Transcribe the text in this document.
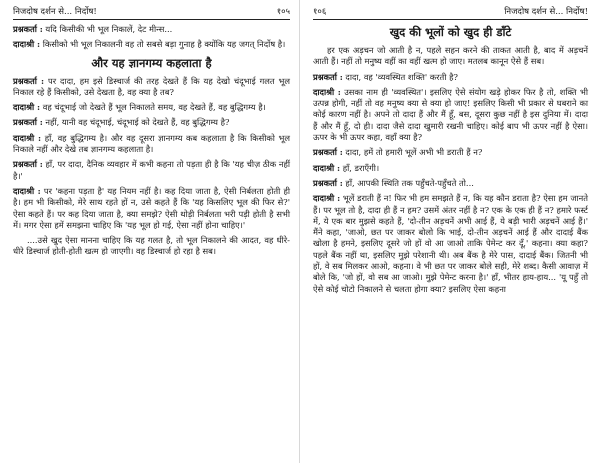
निजदोष दर्शन से... निर्दोष!	१०५

प्रश्नकर्ता : यदि किसीकी भी भूल निकालें, देट मीन्स...

दादाश्री : किसीको भी भूल निकालनी वह तो सबसे बड़ा गुनाह है क्योंकि यह जगत् निर्दोष है।

और यह ज्ञानगम्य कहलाता है

प्रश्नकर्ता : पर दादा, हम इसे डिस्चार्ज की तरह देखते हैं कि यह देखो चंदूभाई गलत भूल निकाल रहे हैं किसीको, उसे देखता है, वह क्या है तब?

दादाश्री : वह चंदूभाई जो देखते हैं भूल निकालते समय, वह देखते हैं, वह बुद्धिगम्य है।

प्रश्नकर्ता : नहीं, यानी वह चंदूभाई, चंदूभाई को देखते हैं, वह बुद्धिगम्य है?

दादाश्री : हाँ, वह बुद्धिगम्य है। और वह दूसरा ज्ञानगम्य कब कहलाता है कि किसीको भूल निकाले नहीं और देखे तब ज्ञानगम्य कहलाता है।

प्रश्नकर्ता : हाँ, पर दादा, दैनिक व्यवहार में कभी कहना तो पड़ता ही है कि 'यह चीज़ ठीक नहीं है।'

दादाश्री : पर 'कहना पड़ता है' यह नियम नहीं है। कह दिया जाता है, ऐसी निर्बलता होती ही है। हम भी किसीको, मेरे साथ रहते हों न, उसे कहते हैं कि 'यह किसलिए भूल की फिर से?' ऐसा कहते हैं। पर कह दिया जाता है, क्या समझे? ऐसी थोड़ी निर्बलता भरी पड़ी होती है सभी में। मगर ऐसा हमें समझना चाहिए कि 'यह भूल हो गई, ऐसा नहीं होना चाहिए।'

....उसे खुद ऐसा मानना चाहिए कि यह गलत है, तो भूल निकालने की आदत, वह धीरे-धीरे डिस्चार्ज होती-होती खत्म हो जाएगी। वह डिस्चार्ज हो रहा है सब।

१०६	निजदोष दर्शन से... निर्दोष!
खुद की भूलों को खुद ही डाँटे

हर एक अड़चन जो आती है न, पहले सहन करने की ताकत आती है, बाद में अड़चनें आती हैं। नहीं तो मनुष्य वहीं का वहीं खत्म हो जाए। मतलब कानून ऐसे हैं सब।

प्रश्नकर्ता : दादा, वह 'व्यवस्थित शक्ति' करती है?

दादाश्री : उसका नाम ही 'व्यवस्थित'। इसलिए ऐसे संयोग खड़े होकर फिर है तो, शक्ति भी उत्पन्न होगी, नहीं तो वह मनुष्य क्या से क्या हो जाए! इसलिए किसी भी प्रकार से घबराने का कोई कारण नहीं है। अपने तो दादा हैं और मैं हूँ, बस, दूसरा कुछ नहीं है इस दुनिया में। दादा हैं और मैं हूँ, दो ही। दादा जैसे दादा खुमारी रखनी चाहिए। कोई बाप भी ऊपर नहीं है ऐसा। ऊपर के भी ऊपर कहा, वहाँ क्या है?

प्रश्नकर्ता : दादा, हमें तो हमारी भूलें अभी भी डराती हैं न?

दादाश्री : हाँ, डराएँगी।

प्रश्नकर्ता : हाँ, आपकी स्थिति तक पहुँचते-पहुँचते तो...

दादाश्री : भूलें डराती हैं न! फिर भी हम समझते हैं न, कि यह कौन डराता है? ऐसा हम जानते हैं। पर भूल तो है, दादा ही हैं न हम? उसमें अंतर नहीं है न? एक के एक ही हैं न? हमारे फर्स्ट में, ये एक बार मुझसे कहते हैं, 'दो-तीन अड़चनें अभी आई हैं, ये बड़ी भारी अड़चनें आई हैं।' मैंने कहा, 'जाओ, छत पर जाकर बोलो कि भाई, दो-तीन अड़चनें आई हैं और दादाई बैंक खोला है हमने, इसलिए दूसरे जो हों वो आ जाओ ताकि पेमेन्ट कर दूँ,' कहना। क्या कहा? पहले बैंक नहीं था, इसलिए मुझे परेशानी थी। अब बैंक है मेरे पास, दादाई बैंक। जितनी भी हों, वे सब मिलकर आओ, कहना। वे भी छत पर जाकर बोले सही, मेरे शब्द। कैसी आवाज़ में बोले कि, 'जो हों, वो सब आ जाओ। मुझे पेमेन्ट करना है।' हाँ, भीतर हाय-हाय... 'यू पहुँ तो ऐसे कोई चोटो निकालने से चलता होगा क्या? इसलिए ऐसा कहना
